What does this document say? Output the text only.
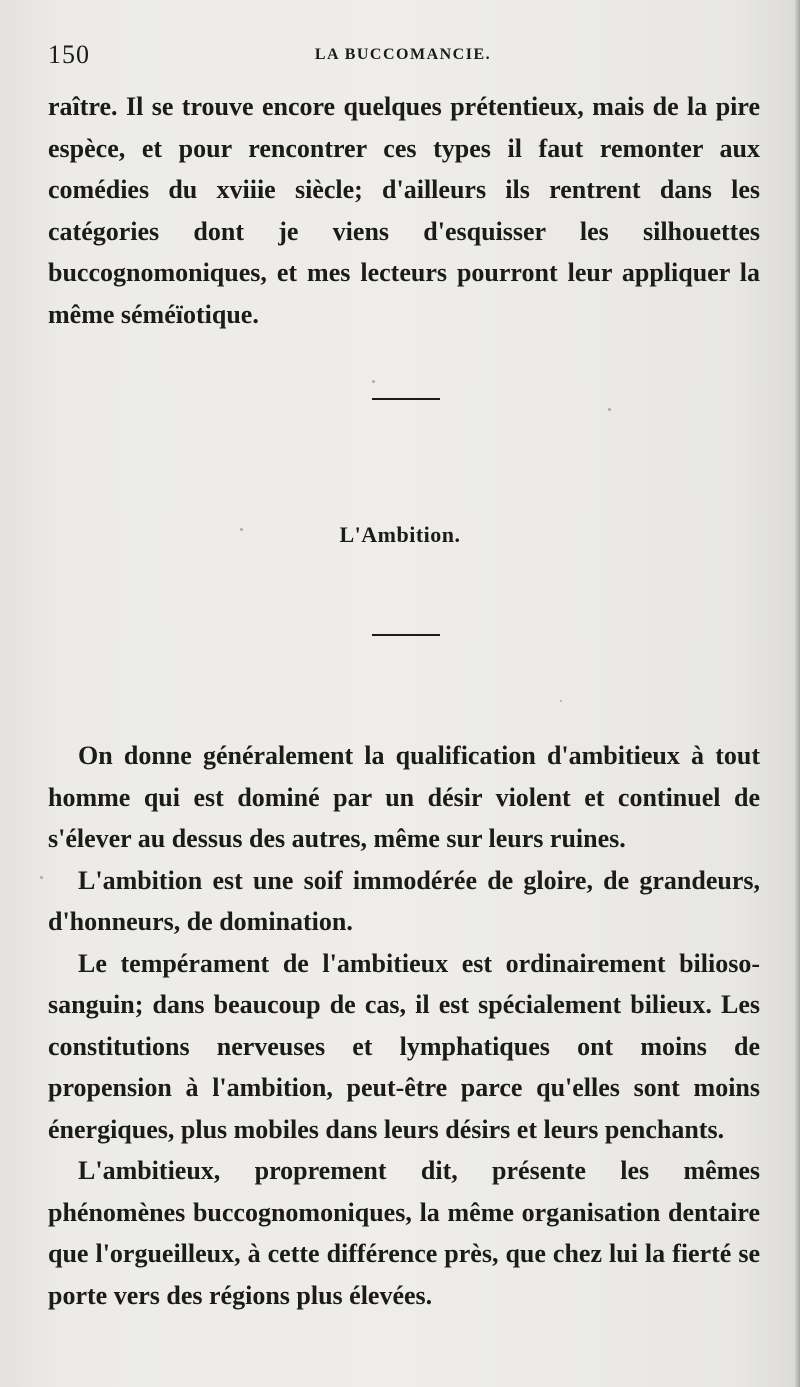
150	LA BUCCOMANCIE.

raître. Il se trouve encore quelques prétentieux, mais de la pire espèce, et pour rencontrer ces types il faut remonter aux comédies du xviiie siècle; d'ailleurs ils rentrent dans les catégories dont je viens d'esquisser les silhouettes buccognomoniques, et mes lecteurs pourront leur appliquer la même séméïotique.

L'Ambition.

On donne généralement la qualification d'ambitieux à tout homme qui est dominé par un désir violent et continuel de s'élever au dessus des autres, même sur leurs ruines.

L'ambition est une soif immodérée de gloire, de grandeurs, d'honneurs, de domination.

Le tempérament de l'ambitieux est ordinairement bilioso-sanguin; dans beaucoup de cas, il est spécialement bilieux. Les constitutions nerveuses et lymphatiques ont moins de propension à l'ambition, peut-être parce qu'elles sont moins énergiques, plus mobiles dans leurs désirs et leurs penchants.

L'ambitieux, proprement dit, présente les mêmes phénomènes buccognomoniques, la même organisation dentaire que l'orgueilleux, à cette différence près, que chez lui la fierté se porte vers des régions plus élevées.
